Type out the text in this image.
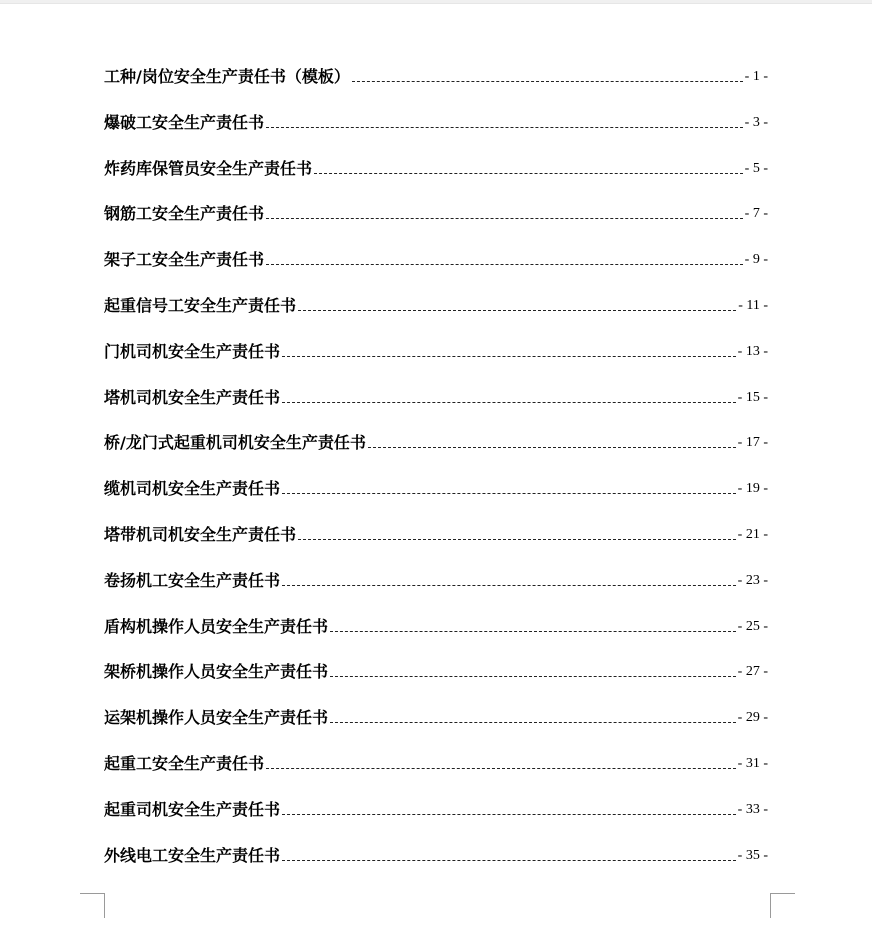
工种/岗位安全生产责任书（模板）	- 1 -
爆破工安全生产责任书	- 3 -
炸药库保管员安全生产责任书	- 5 -
钢筋工安全生产责任书	- 7 -
架子工安全生产责任书	- 9 -
起重信号工安全生产责任书	- 11 -
门机司机安全生产责任书	- 13 -
塔机司机安全生产责任书	- 15 -
桥/龙门式起重机司机安全生产责任书	- 17 -
缆机司机安全生产责任书	- 19 -
塔带机司机安全生产责任书	- 21 -
卷扬机工安全生产责任书	- 23 -
盾构机操作人员安全生产责任书	- 25 -
架桥机操作人员安全生产责任书	- 27 -
运架机操作人员安全生产责任书	- 29 -
起重工安全生产责任书	- 31 -
起重司机安全生产责任书	- 33 -
外线电工安全生产责任书	- 35 -
